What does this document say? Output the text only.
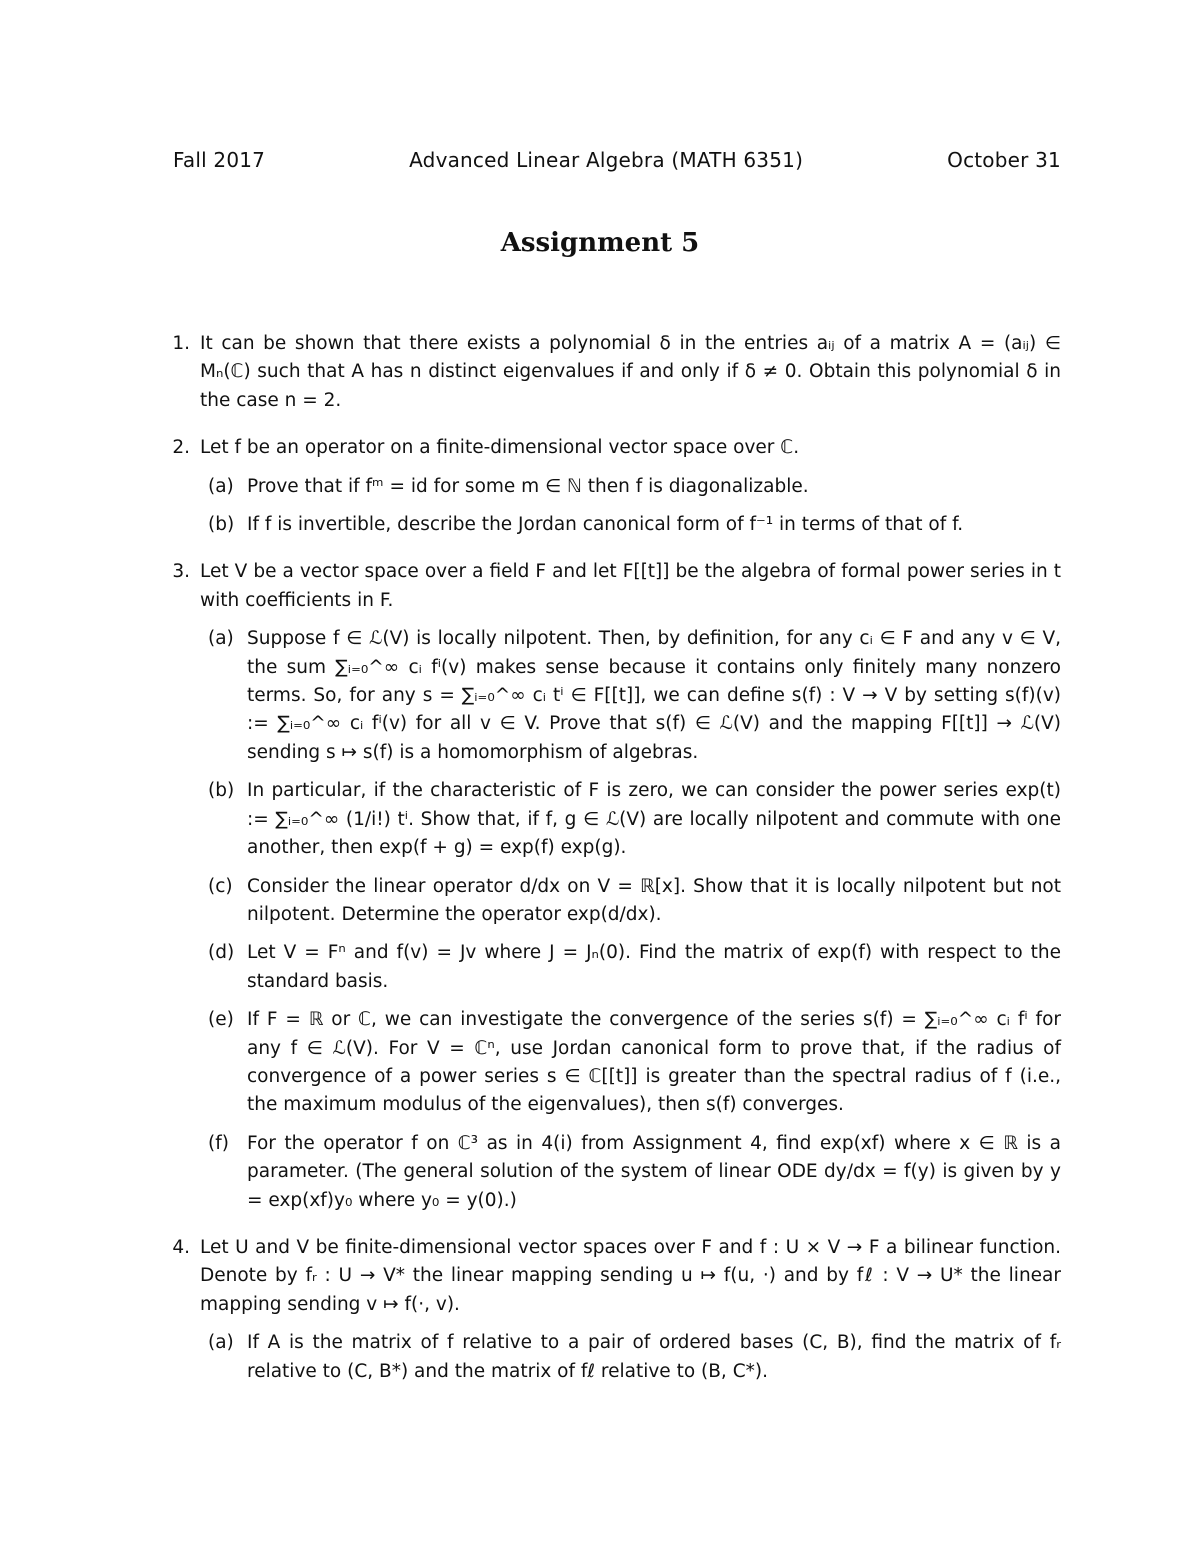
Fall 2017	Advanced Linear Algebra (MATH 6351)	October 31
Assignment 5
1. It can be shown that there exists a polynomial δ in the entries aᵢⱼ of a matrix A = (aᵢⱼ) ∈ Mₙ(ℂ) such that A has n distinct eigenvalues if and only if δ ≠ 0. Obtain this polynomial δ in the case n = 2.
2. Let f be an operator on a finite-dimensional vector space over ℂ.
(a) Prove that if fᵐ = id for some m ∈ ℕ then f is diagonalizable.
(b) If f is invertible, describe the Jordan canonical form of f⁻¹ in terms of that of f.
3. Let V be a vector space over a field F and let F[[t]] be the algebra of formal power series in t with coefficients in F.
(a) Suppose f ∈ ℒ(V) is locally nilpotent. Then, by definition, for any cᵢ ∈ F and any v ∈ V, the sum ∑ᵢ₌₀^∞ cᵢ fⁱ(v) makes sense because it contains only finitely many nonzero terms. So, for any s = ∑ᵢ₌₀^∞ cᵢ tⁱ ∈ F[[t]], we can define s(f) : V → V by setting s(f)(v) := ∑ᵢ₌₀^∞ cᵢ fⁱ(v) for all v ∈ V. Prove that s(f) ∈ ℒ(V) and the mapping F[[t]] → ℒ(V) sending s ↦ s(f) is a homomorphism of algebras.
(b) In particular, if the characteristic of F is zero, we can consider the power series exp(t) := ∑ᵢ₌₀^∞ (1/i!) tⁱ. Show that, if f, g ∈ ℒ(V) are locally nilpotent and commute with one another, then exp(f + g) = exp(f) exp(g).
(c) Consider the linear operator d/dx on V = ℝ[x]. Show that it is locally nilpotent but not nilpotent. Determine the operator exp(d/dx).
(d) Let V = Fⁿ and f(v) = Jv where J = Jₙ(0). Find the matrix of exp(f) with respect to the standard basis.
(e) If F = ℝ or ℂ, we can investigate the convergence of the series s(f) = ∑ᵢ₌₀^∞ cᵢ fⁱ for any f ∈ ℒ(V). For V = ℂⁿ, use Jordan canonical form to prove that, if the radius of convergence of a power series s ∈ ℂ[[t]] is greater than the spectral radius of f (i.e., the maximum modulus of the eigenvalues), then s(f) converges.
(f) For the operator f on ℂ³ as in 4(i) from Assignment 4, find exp(xf) where x ∈ ℝ is a parameter. (The general solution of the system of linear ODE dy/dx = f(y) is given by y = exp(xf)y₀ where y₀ = y(0).)
4. Let U and V be finite-dimensional vector spaces over F and f : U × V → F a bilinear function. Denote by fᵣ : U → V* the linear mapping sending u ↦ f(u, ·) and by fℓ : V → U* the linear mapping sending v ↦ f(·, v).
(a) If A is the matrix of f relative to a pair of ordered bases (C, B), find the matrix of fᵣ relative to (C, B*) and the matrix of fℓ relative to (B, C*).
